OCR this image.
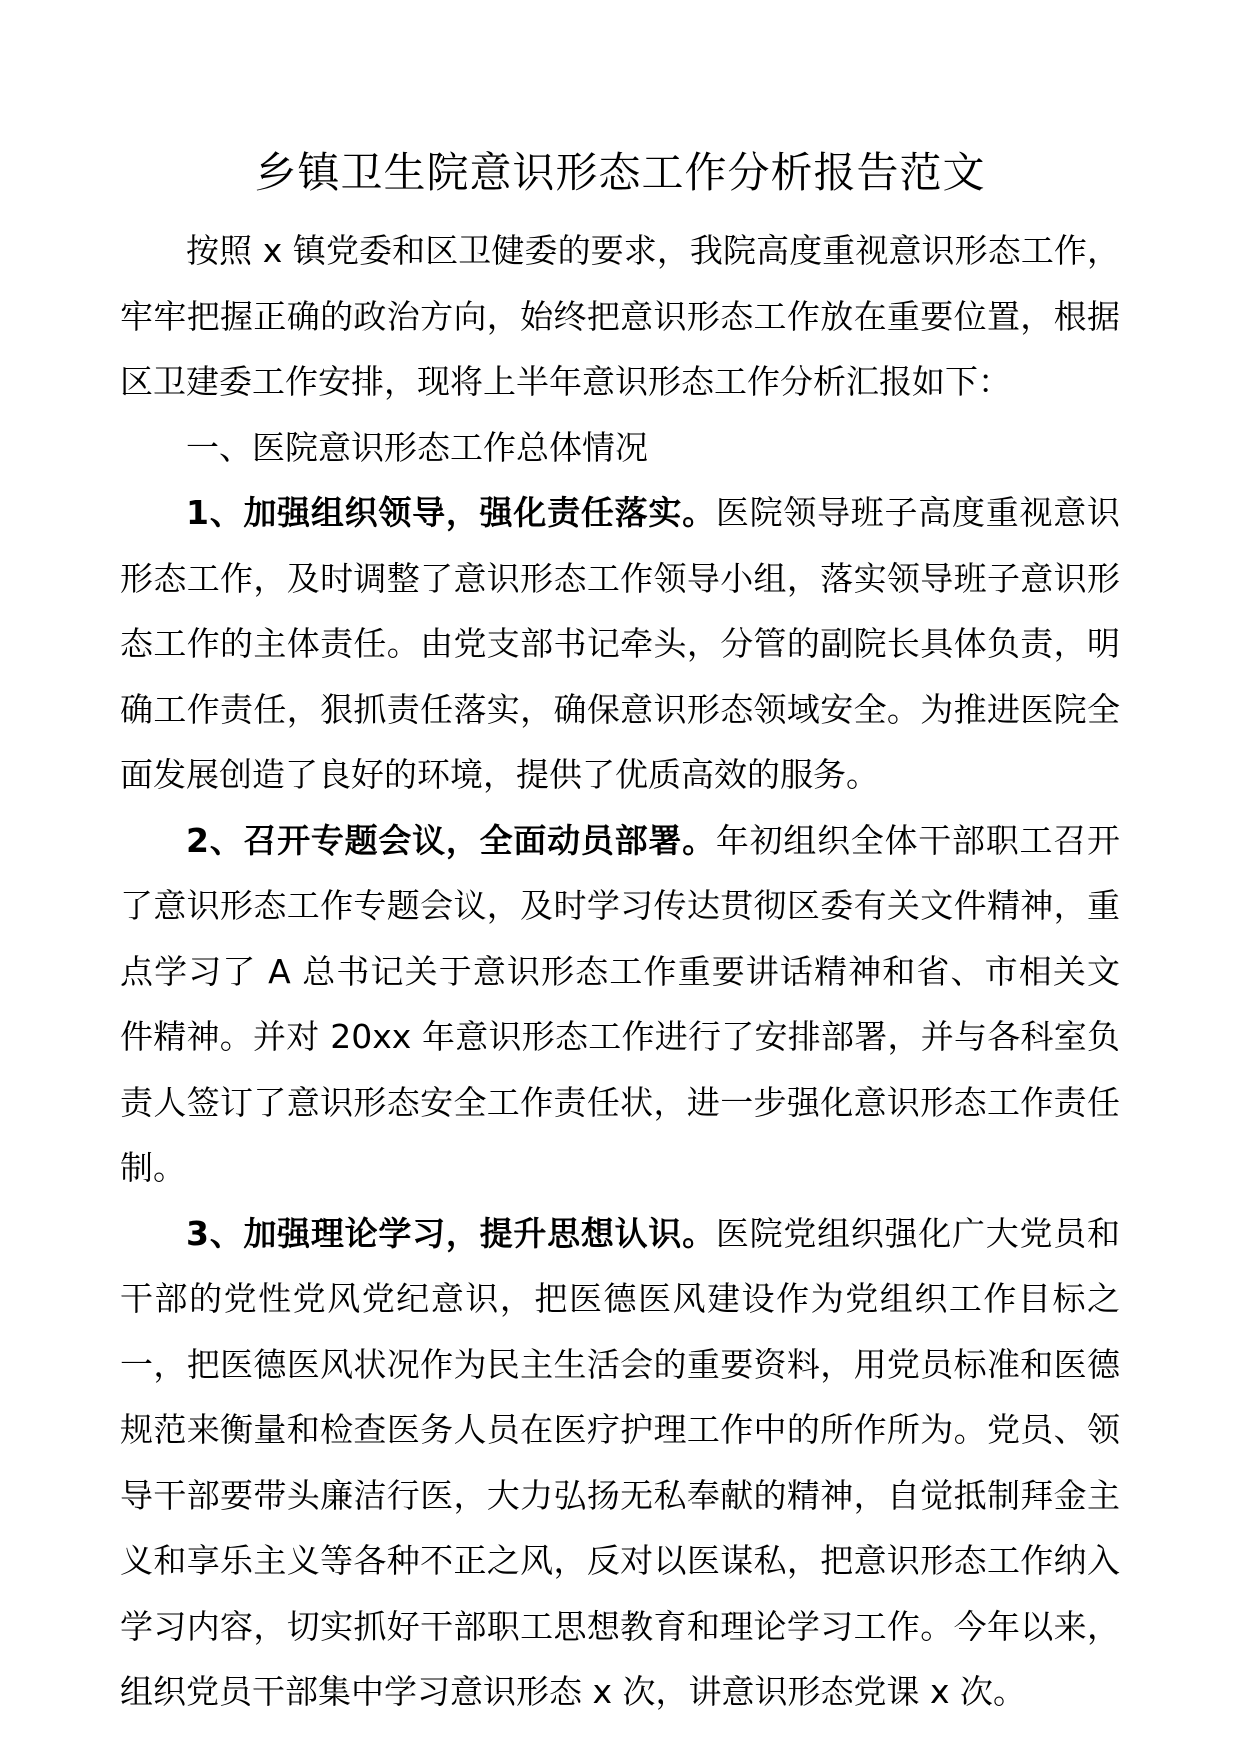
乡镇卫生院意识形态工作分析报告范文

按照 x 镇党委和区卫健委的要求，我院高度重视意识形态工作，牢牢把握正确的政治方向，始终把意识形态工作放在重要位置，根据区卫建委工作安排，现将上半年意识形态工作分析汇报如下：

一、医院意识形态工作总体情况

1、加强组织领导，强化责任落实。医院领导班子高度重视意识形态工作，及时调整了意识形态工作领导小组，落实领导班子意识形态工作的主体责任。由党支部书记牵头，分管的副院长具体负责，明确工作责任，狠抓责任落实，确保意识形态领域安全。为推进医院全面发展创造了良好的环境，提供了优质高效的服务。

2、召开专题会议，全面动员部署。年初组织全体干部职工召开了意识形态工作专题会议，及时学习传达贯彻区委有关文件精神，重点学习了 A 总书记关于意识形态工作重要讲话精神和省、市相关文件精神。并对 20xx 年意识形态工作进行了安排部署，并与各科室负责人签订了意识形态安全工作责任状，进一步强化意识形态工作责任制。

3、加强理论学习，提升思想认识。医院党组织强化广大党员和干部的党性党风党纪意识，把医德医风建设作为党组织工作目标之一，把医德医风状况作为民主生活会的重要资料，用党员标准和医德规范来衡量和检查医务人员在医疗护理工作中的所作所为。党员、领导干部要带头廉洁行医，大力弘扬无私奉献的精神，自觉抵制拜金主义和享乐主义等各种不正之风，反对以医谋私，把意识形态工作纳入学习内容，切实抓好干部职工思想教育和理论学习工作。今年以来，组织党员干部集中学习意识形态 x 次，讲意识形态党课 x 次。
